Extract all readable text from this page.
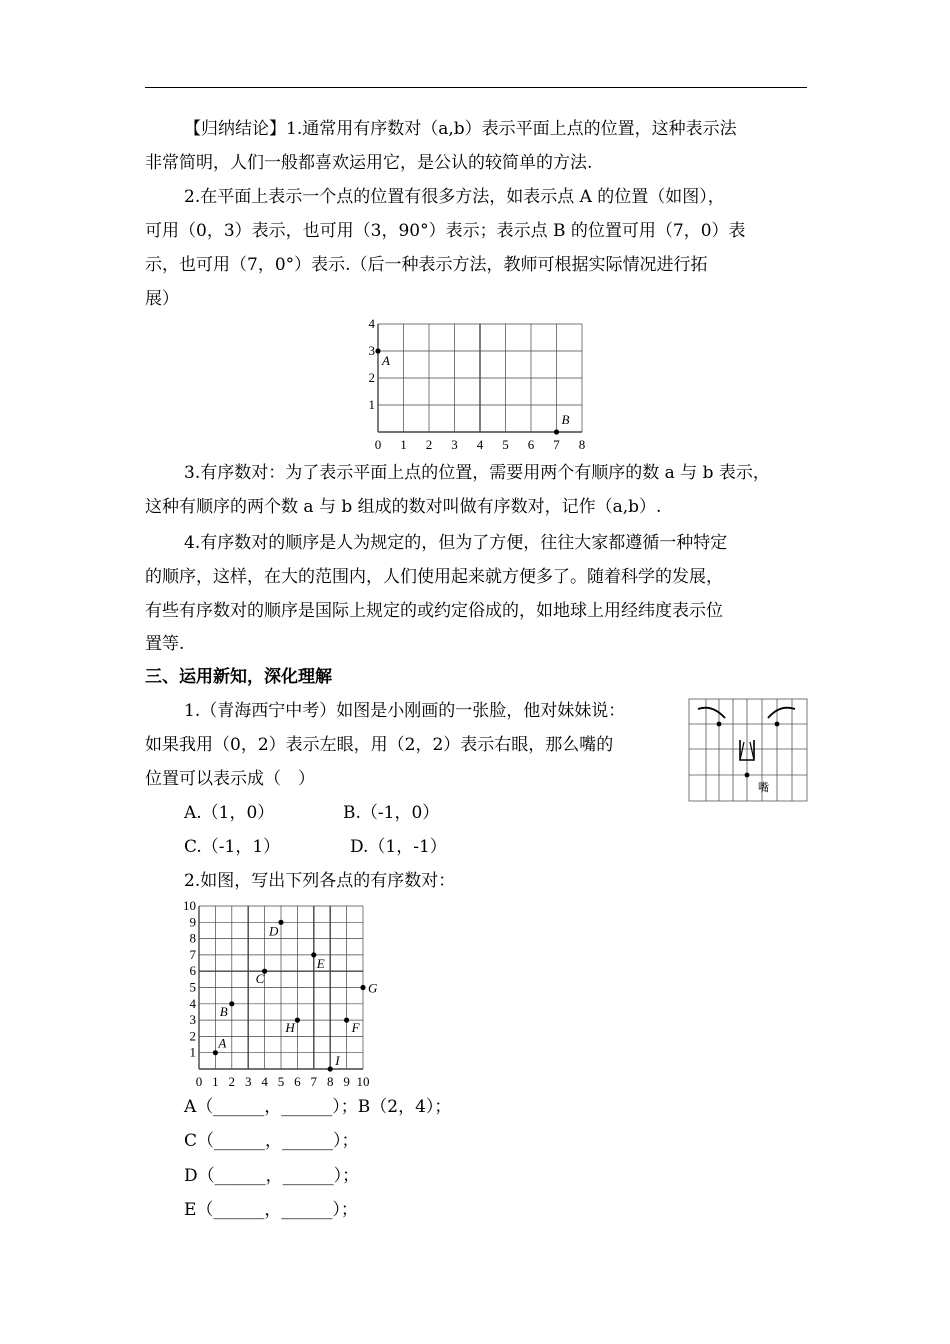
【归纳结论】1.通常用有序数对（a,b）表示平面上点的位置，这种表示法
非常简明，人们一般都喜欢运用它，是公认的较简单的方法.
2.在平面上表示一个点的位置有很多方法，如表示点 A 的位置（如图），
可用（0，3）表示，也可用（3，90°）表示；表示点 B 的位置可用（7，0）表
示，也可用（7，0°）表示.（后一种表示方法，教师可根据实际情况进行拓
展）
0 1 2 3 4 5 6 7 8
1
2
3
4
A
B
3.有序数对：为了表示平面上点的位置，需要用两个有顺序的数 a 与 b 表示，
这种有顺序的两个数 a 与 b 组成的数对叫做有序数对，记作（a,b）.
4.有序数对的顺序是人为规定的，但为了方便，往往大家都遵循一种特定
的顺序，这样，在大的范围内，人们使用起来就方便多了。随着科学的发展，
有些有序数对的顺序是国际上规定的或约定俗成的，如地球上用经纬度表示位
置等.
三、运用新知，深化理解
1.（青海西宁中考）如图是小刚画的一张脸，他对妹妹说：
如果我用（0，2）表示左眼，用（2，2）表示右眼，那么嘴的
位置可以表示成（　）	嘴
A.（1，0）	B.（-1，0）
C.（-1，1）	D.（1，-1）
2.如图，写出下列各点的有序数对：
0 1 2 3 4 5 6 7 8 9 10
1
2
3
4
5
6
7
8
9
10
A
B
C
D
E
F
G
H
I
A（______，______）；B（2，4）；
C（______，______）；
D（______，______）；
E（______，______）；
